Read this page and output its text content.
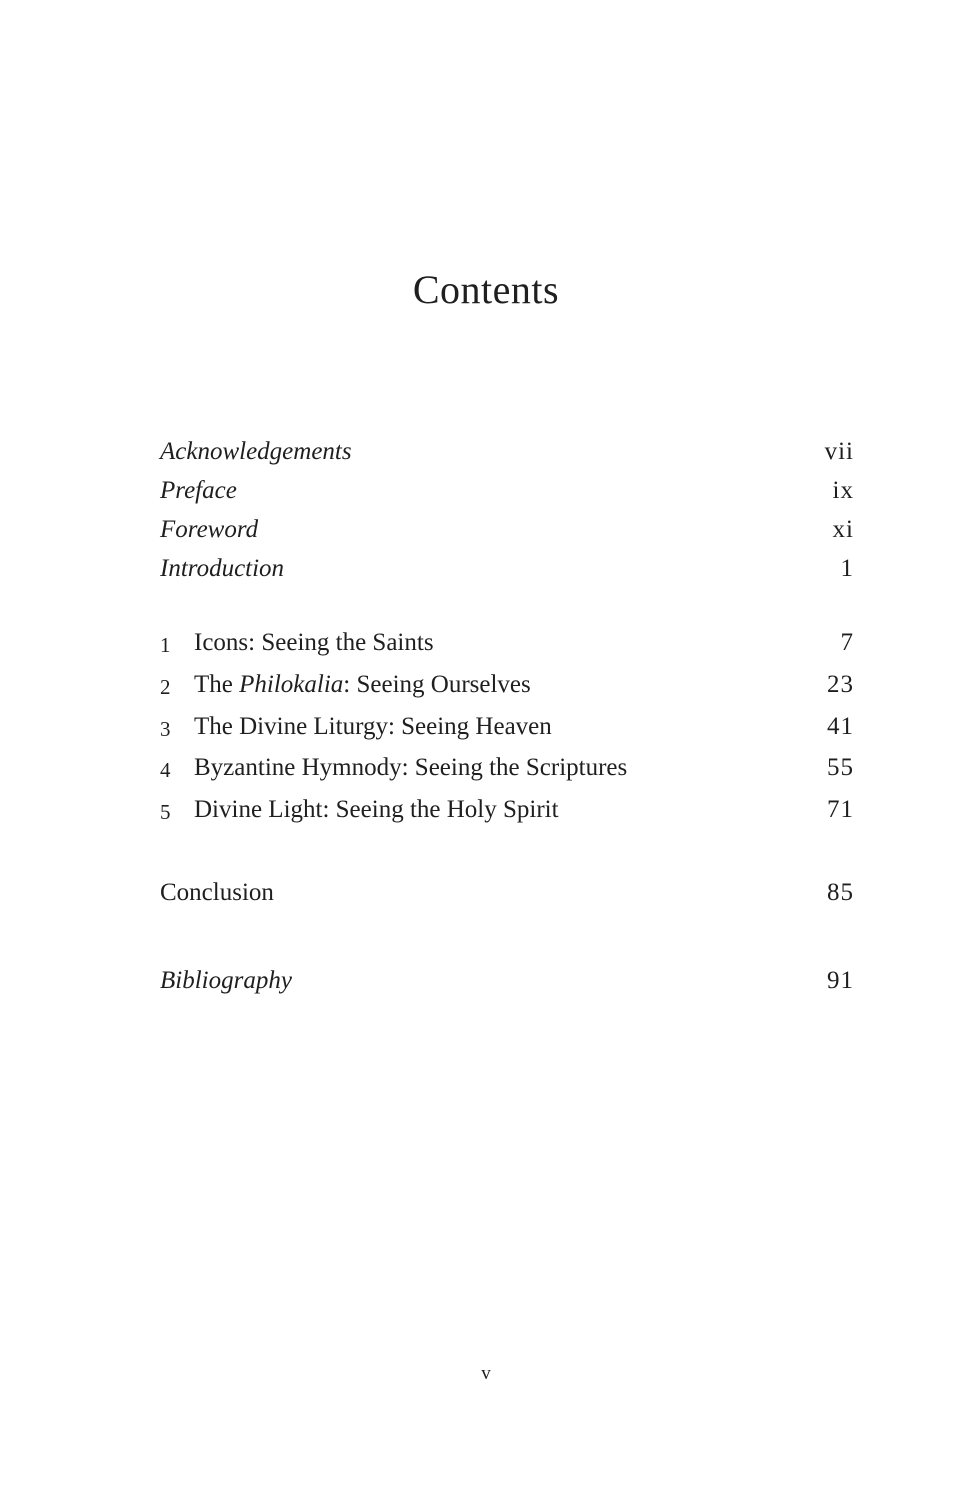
Contents
Acknowledgements	vii
Preface	ix
Foreword	xi
Introduction	1
1 Icons: Seeing the Saints	7
2 The Philokalia: Seeing Ourselves	23
3 The Divine Liturgy: Seeing Heaven	41
4 Byzantine Hymnody: Seeing the Scriptures	55
5 Divine Light: Seeing the Holy Spirit	71
Conclusion	85
Bibliography	91
v
